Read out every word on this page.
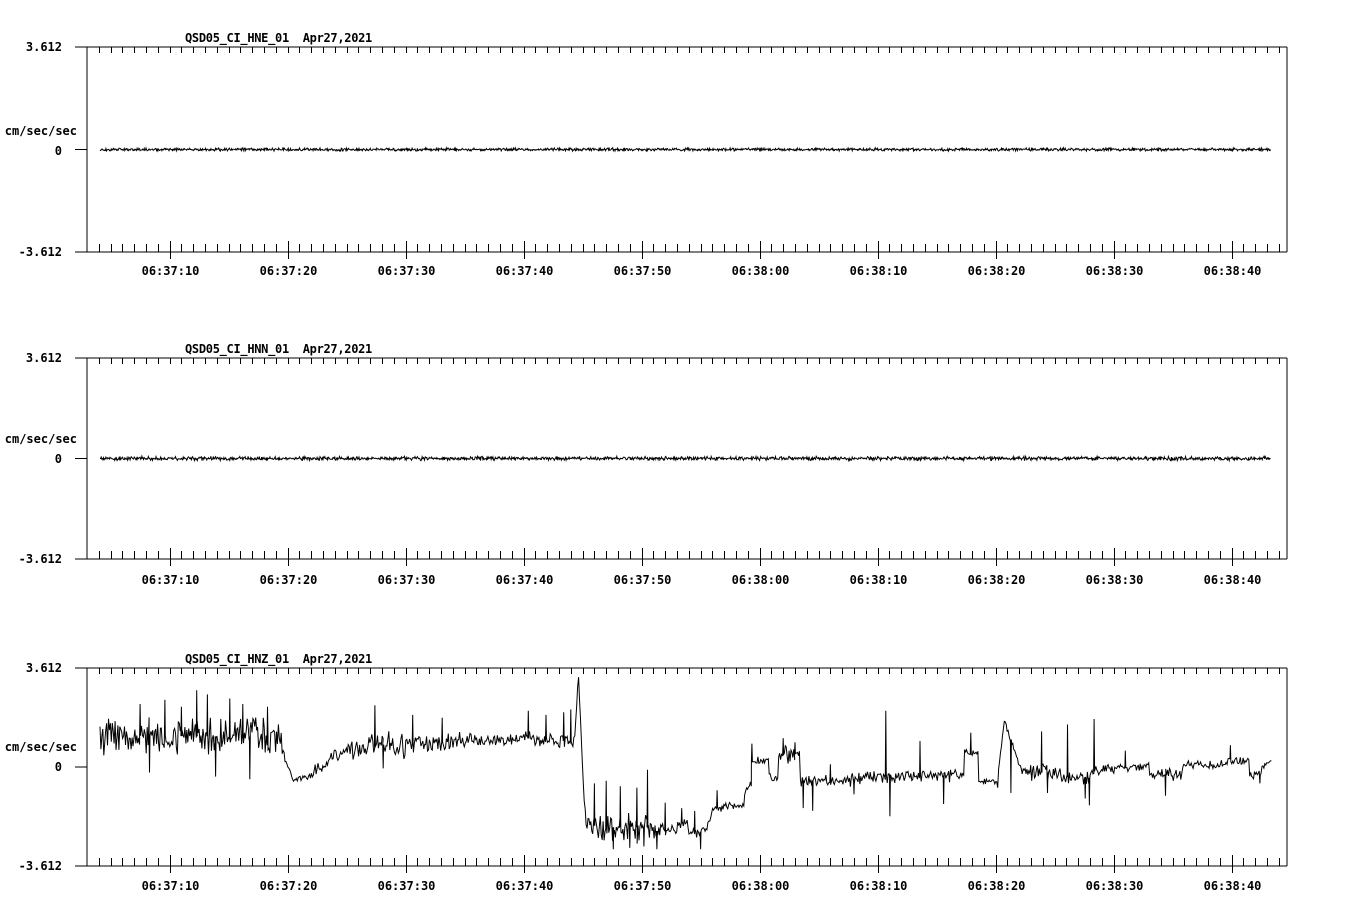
06:37:10	06:37:20	06:37:30	06:37:40	06:37:50	06:38:00	06:38:10	06:38:20	06:38:30	06:38:40
06:37:10	06:37:20	06:37:30	06:37:40	06:37:50	06:38:00	06:38:10	06:38:20	06:38:30	06:38:40
06:37:10	06:37:20	06:37:30	06:37:40	06:37:50	06:38:00	06:38:10	06:38:20	06:38:30	06:38:40
QSD05_CI_HNE_01  Apr27,2021
3.612
cm/sec/sec
0
-3.612
QSD05_CI_HNN_01  Apr27,2021
3.612
cm/sec/sec
0
-3.612
QSD05_CI_HNZ_01  Apr27,2021
3.612
cm/sec/sec
0
-3.612
